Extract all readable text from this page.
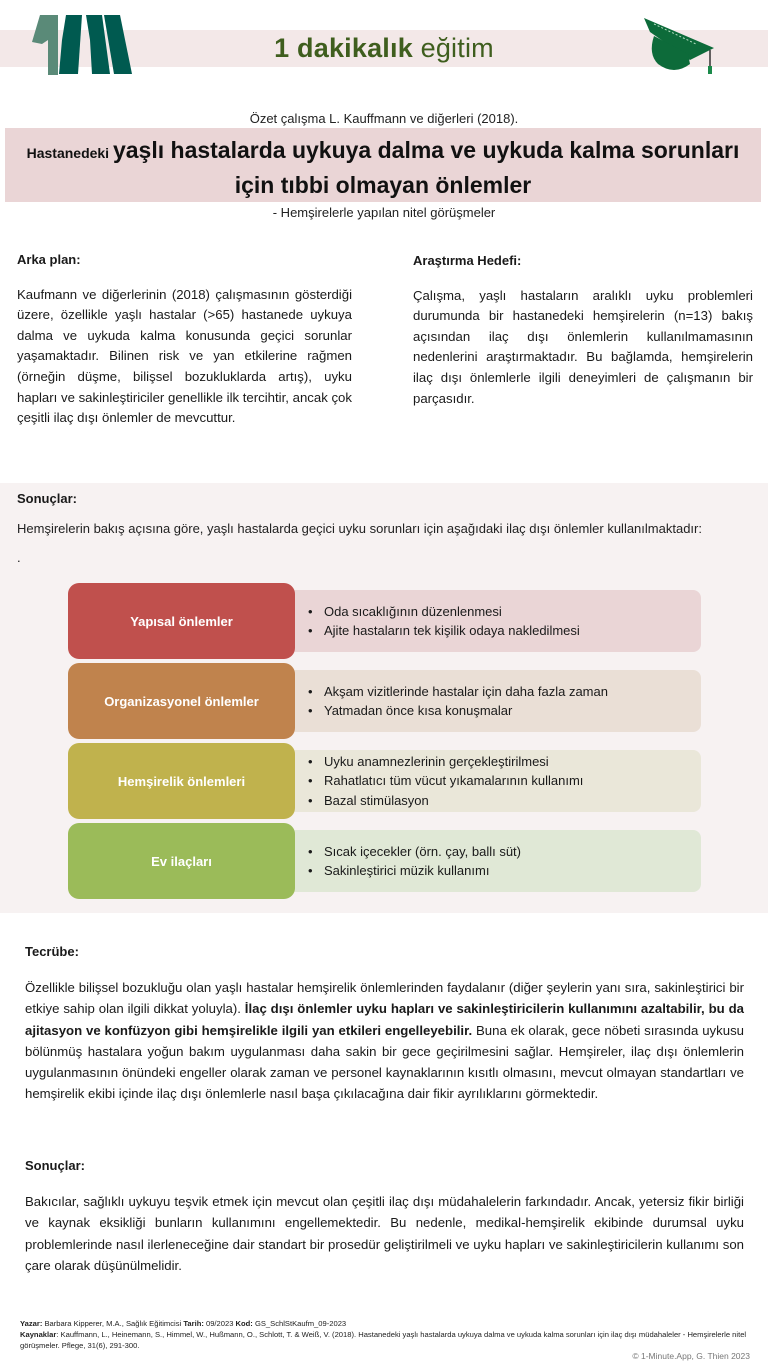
1 dakikalık eğitim
Özet çalışma L. Kauffmann ve diğerleri (2018).
Hastanedeki yaşlı hastalarda uykuya dalma ve uykuda kalma sorunları
için tıbbi olmayan önlemler
- Hemşirelerle yapılan nitel görüşmeler
Arka plan:

Kaufmann ve diğerlerinin (2018) çalışmasının gösterdiği üzere, özellikle yaşlı hastalar (>65) hastanede uykuya dalma ve uykuda kalma konusunda geçici sorunlar yaşamaktadır. Bilinen risk ve yan etkilerine rağmen (örneğin düşme, bilişsel bozukluklarda artış), uyku hapları ve sakinleştiriciler genellikle ilk tercihtir, ancak çok çeşitli ilaç dışı önlemler de mevcuttur.

Araştırma Hedefi:

Çalışma, yaşlı hastaların aralıklı uyku problemleri durumunda bir hastanedeki hemşirelerin (n=13) bakış açısından ilaç dışı önlemlerin kullanılmamasının nedenlerini araştırmaktadır. Bu bağlamda, hemşirelerin ilaç dışı önlemlerle ilgili deneyimleri de çalışmanın bir parçasıdır.

Sonuçlar:
Hemşirelerin bakış açısına göre, yaşlı hastalarda geçici uyku sorunları için aşağıdaki ilaç dışı önlemler kullanılmaktadır:
.
• Oda sıcaklığının düzenlenmesi
• Ajite hastaların tek kişilik odaya nakledilmesi
Yapısal önlemler
• Akşam vizitlerinde hastalar için daha fazla zaman
• Yatmadan önce kısa konuşmalar
Organizasyonel önlemler
• Uyku anamnezlerinin gerçekleştirilmesi
• Rahatlatıcı tüm vücut yıkamalarının kullanımı
• Bazal stimülasyon
Hemşirelik önlemleri
• Sıcak içecekler (örn. çay, ballı süt)
• Sakinleştirici müzik kullanımı
Ev ilaçları
Tecrübe:

Özellikle bilişsel bozukluğu olan yaşlı hastalar hemşirelik önlemlerinden faydalanır (diğer şeylerin yanı sıra, sakinleştirici bir etkiye sahip olan ilgili dikkat yoluyla). İlaç dışı önlemler uyku hapları ve sakinleştiricilerin kullanımını azaltabilir, bu da ajitasyon ve konfüzyon gibi hemşirelikle ilgili yan etkileri engelleyebilir. Buna ek olarak, gece nöbeti sırasında uykusu bölünmüş hastalara yoğun bakım uygulanması daha sakin bir gece geçirilmesini sağlar. Hemşireler, ilaç dışı önlemlerin uygulanmasının önündeki engeller olarak zaman ve personel kaynaklarının kısıtlı olmasını, mevcut olmayan standartları ve hemşirelik ekibi içinde ilaç dışı önlemlerle nasıl başa çıkılacağına dair fikir ayrılıklarını görmektedir.

Sonuçlar:

Bakıcılar, sağlıklı uykuyu teşvik etmek için mevcut olan çeşitli ilaç dışı müdahalelerin farkındadır. Ancak, yetersiz fikir birliği ve kaynak eksikliği bunların kullanımını engellemektedir. Bu nedenle, medikal-hemşirelik ekibinde durumsal uyku problemlerinde nasıl ilerleneceğine dair standart bir prosedür geliştirilmeli ve uyku hapları ve sakinleştiricilerin kullanımı son çare olarak düşünülmelidir.

Yazar: Barbara Kipperer, M.A., Sağlık Eğitimcisi Tarih: 09/2023 Kod: GS_SchlStKaufm_09-2023
Kaynaklar: Kauffmann, L., Heinemann, S., Himmel, W., Hußmann, O., Schlott, T. & Weiß, V. (2018). Hastanedeki yaşlı hastalarda uykuya dalma ve uykuda kalma sorunları için ilaç dışı müdahaleler - Hemşirelerle nitel görüşmeler. Pflege, 31(6), 291-300.
© 1-Minute.App, G. Thien 2023
